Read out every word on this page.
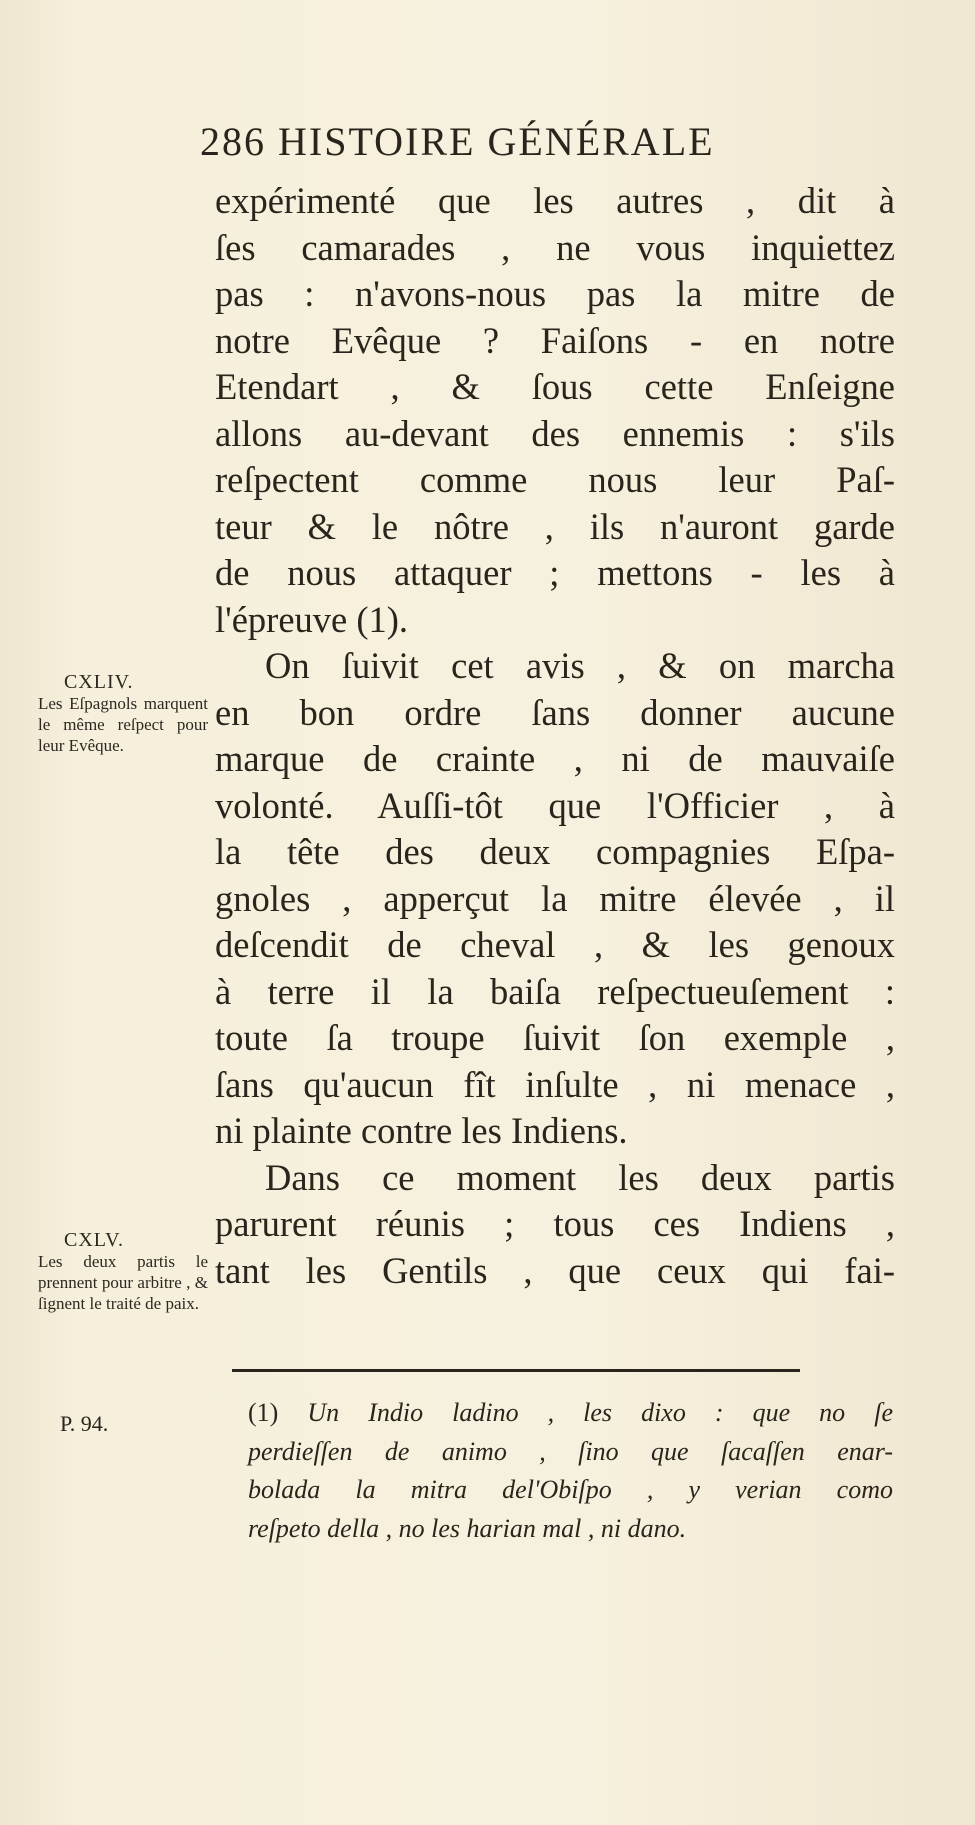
286 HISTOIRE GÉNÉRALE
expérimenté que les autres , dit à
ſes camarades , ne vous inquiettez
pas : n'avons-nous pas la mitre de
notre Evêque ? Faiſons - en notre
Etendart , & ſous cette Enſeigne
allons au-devant des ennemis : s'ils
reſpectent comme nous leur Paſ-
teur & le nôtre , ils n'auront garde
de nous attaquer ; mettons - les à
l'épreuve (1).
On ſuivit cet avis , & on marcha
en bon ordre ſans donner aucune
marque de crainte , ni de mauvaiſe
volonté. Auſſi-tôt que l'Officier , à
la tête des deux compagnies Eſpa-
gnoles , apperçut la mitre élevée , il
deſcendit de cheval , & les genoux
à terre il la baiſa reſpectueuſement :
toute ſa troupe ſuivit ſon exemple ,
ſans qu'aucun fît inſulte , ni menace ,
ni plainte contre les Indiens.
Dans ce moment les deux partis
parurent réunis ; tous ces Indiens ,
tant les Gentils , que ceux qui fai-
CXLIV.
Les Eſpagnols marquent le même reſpect pour leur Evêque.
CXLV.
Les deux partis le prennent pour arbitre , & ſignent le traité de paix.
P. 94.	(1) Un Indio ladino , les dixo : que no ſe
perdieſſen de animo , ſino que ſacaſſen enar-
bolada la mitra del'Obiſpo , y verian como
reſpeto della , no les harian mal , ni dano.
